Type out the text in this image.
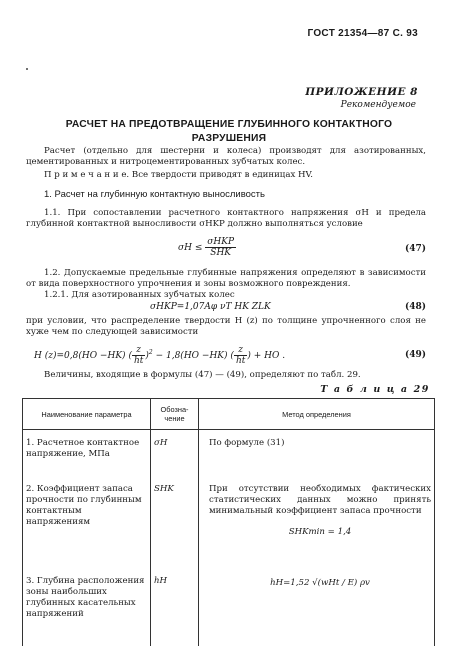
ГОСТ 21354—87 С. 93
ПРИЛОЖЕНИЕ 8
Рекомендуемое
РАСЧЕТ НА ПРЕДОТВРАЩЕНИЕ ГЛУБИННОГО КОНТАКТНОГО РАЗРУШЕНИЯ
Расчет (отдельно для шестерни и колеса) производят для азотированных, цементированных и нитроцементированных зубчатых колес.
П р и м е ч а н и е. Все твердости приводят в единицах HV.
1. Расчет на глубинную контактную выносливость
1.1. При сопоставлении расчетного контактного напряжения σH и предела глубинной контактной выносливости σHKP должно выполняться условие
$\sigma H \le \frac{\text{σHKP}}{\text{SHK}}$	(47)
1.2. Допускаемые предельные глубинные напряжения определяют в зависимости от вида поверхностного упрочнения и зоны возможного повреждения.
1.2.1. Для азотированных зубчатых колес
σHKP=1,07Aφ νT HK ZLK	(48)
при условии, что распределение твердости H (z) по толщине упрочненного слоя не хуже чем по следующей зависимости
H (z)=0,8(HO −HK) ( $\frac{z}{ht} )^2 - 1,8(HO -HK)$ ( $\frac{z}{ht}$ ) + HO .	(49)
Величины, входящие в формулы (47) — (49), определяют по табл. 29.
Т а б л и ц а 29
Наименование параметра	Обозна-чение	Метод определения
1. Расчетное контактное напряжение, МПа	σH	По формуле (31)
2. Коэффициент запаса прочности по глубинным контактным напряжениям	SHK	При отсутствии необходимых фактических статистических данных можно принять минимальный коэффициент запаса прочности
SHKmin = 1,4

3. Глубина расположения зоны наибольших глубинных касательных напряжений	hH	hH=1,52 √(wHt / E) ρv
